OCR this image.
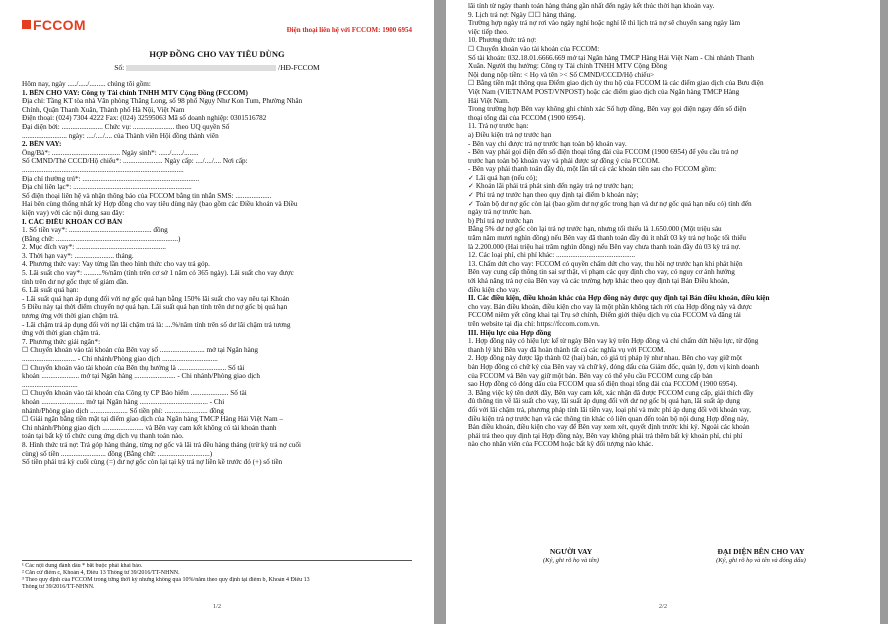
FCCOM	Điện thoại liên hệ với FCCOM: 1900 6954
HỢP ĐỒNG CHO VAY TIÊU DÙNG
Số:	/HĐ-FCCOM
Hôm nay, ngày ...../...../......... chúng tôi gồm:
1. BÊN CHO VAY: Công ty Tài chính TNHH MTV Cộng Đồng (FCCOM)
Địa chỉ: Tầng KT tòa nhà Văn phòng Thăng Long, số 98 phố Ngụy Như Kon Tum, Phường Nhân
Chính, Quận Thanh Xuân, Thành phố Hà Nội, Việt Nam
Điện thoại: (024) 7304 4222 Fax: (024) 32595063 Mã số doanh nghiệp: 0301516782
Đại diện bởi: ....................... Chức vụ: ....................... theo UQ quyền Số
......................... ngày: ..../..../.... của Thành viên Hội đồng thành viên
2. BÊN VAY:
Ông/Bà*: ...................................... Ngày sinh*: ....../....../........
Số CMND/Thẻ CCCD/Hộ chiếu*: ...................... Ngày cấp: ..../..../.... Nơi cấp:
..........................................................................................
Địa chỉ thường trú*: .................................................................
Địa chỉ liên lạc*: ..................................................................
Số điện thoại liên hệ và nhận thông báo của FCCOM bằng tin nhắn SMS: ....................
Hai bên cùng thống nhất ký Hợp đồng cho vay tiêu dùng này (bao gồm các Điều khoản và Điều
kiện vay) với các nội dung sau đây:
I. CÁC ĐIỀU KHOẢN CƠ BẢN
1. Số tiền vay*: .............................................. đồng
(Bằng chữ: ....................................................................)
2. Mục đích vay*: ..................................................
3. Thời hạn vay*: ...................... tháng.
4. Phương thức vay: Vay từng lần theo hình thức cho vay trả góp.
5. Lãi suất cho vay*: ..........%/năm (tính trên cơ sở 1 năm có 365 ngày). Lãi suất cho vay được
tính trên dư nợ gốc thực tế giảm dần.
6. Lãi suất quá hạn:
- Lãi suất quá hạn áp dụng đối với nợ gốc quá hạn bằng 150% lãi suất cho vay nêu tại Khoản
5 Điều này tại thời điểm chuyển nợ quá hạn. Lãi suất quá hạn tính trên dư nợ gốc bị quá hạn
tương ứng với thời gian chậm trả.
- Lãi chậm trả áp dụng đối với nợ lãi chậm trả là: ....%/năm tính trên số dư lãi chậm trả tương
ứng với thời gian chậm trả.
7. Phương thức giải ngân*:
☐ Chuyển khoản vào tài khoản của Bên vay số ......................... mở tại Ngân hàng
.............................. - Chi nhánh/Phòng giao dịch ...............................
☐ Chuyển khoản vào tài khoản của Bên thụ hưởng là ........................... Số tài
khoản ..................... mở tại Ngân hàng ....................... - Chi nhánh/Phòng giao dịch
...............................
☐ Chuyển khoản vào tài khoản của Công ty CP Bảo hiểm ..................... Số tài
khoản ........................ mở tại Ngân hàng ...................................... - Chi
nhánh/Phòng giao dịch ..................... Số tiền phí: ........................ đồng
☐ Giải ngân bằng tiền mặt tại điểm giao dịch của Ngân hàng TMCP Hàng Hải Việt Nam –
Chi nhánh/Phòng giao dịch ....................... và Bên vay cam kết không có tài khoản thanh
toán tại bất kỳ tổ chức cung ứng dịch vụ thanh toán nào.
8. Hình thức trả nợ: Trả góp hàng tháng, từng nợ gốc và lãi trả đều hàng tháng (trừ kỳ trả nợ cuối
cùng) số tiền ......................... đồng (Bằng chữ: .............................)
Số tiền phải trả kỳ cuối cùng (=) dư nợ gốc còn lại tại kỳ trả nợ liền kề trước đó (+) số tiền
¹ Các nội dung đánh dấu * bắt buộc phải khai báo.
² Căn cứ điểm c, Khoản 4, Điều 13 Thông tư 39/2016/TT-NHNN.
³ Theo quy định của FCCOM trong từng thời kỳ nhưng không quá 10%/năm theo quy định tại điểm b, Khoản 4 Điều 13
Thông tư 39/2016/TT-NHNN.
1/2
lãi tính từ ngày thanh toán hàng tháng gần nhất đến ngày kết thúc thời hạn khoản vay.
9. Lịch trả nợ: Ngày ☐☐ hàng tháng.
Trường hợp ngày trả nợ rơi vào ngày nghỉ hoặc nghỉ lễ thì lịch trả nợ sẽ chuyển sang ngày làm
việc tiếp theo.
10. Phương thức trả nợ:
☐ Chuyển khoản vào tài khoản của FCCOM:
Số tài khoản: 032.18.01.6666.669 mở tại Ngân hàng TMCP Hàng Hải Việt Nam - Chi nhánh Thanh
Xuân. Người thụ hưởng: Công ty Tài chính TNHH MTV Cộng Đồng
Nội dung nộp tiền: < Họ và tên >< Số CMND/CCCD/Hộ chiếu>
☐ Bằng tiền mặt thông qua Điểm giao dịch ủy thu hộ của FCCOM là các điểm giao dịch của Bưu điện
Việt Nam (VIETNAM POST/VNPOST) hoặc các điểm giao dịch của Ngân hàng TMCP Hàng
Hải Việt Nam.
Trong trường hợp Bên vay không ghi chính xác Số hợp đồng, Bên vay gọi điện ngay đến số điện
thoại tổng đài của FCCOM (1900 6954).
11. Trả nợ trước hạn:
a) Điều kiện trả nợ trước hạn
- Bên vay chỉ được trả nợ trước hạn toàn bộ khoản vay.
- Bên vay phải gọi điện đến số điện thoại tổng đài của FCCOM (1900 6954) để yêu cầu trả nợ
trước hạn toàn bộ khoản vay và phải được sự đồng ý của FCCOM.
- Bên vay phải thanh toán đầy đủ, một lần tất cả các khoản tiền sau cho FCCOM gồm:
✓ Lãi quá hạn (nếu có);
✓ Khoản lãi phải trả phát sinh đến ngày trả nợ trước hạn;
✓ Phí trả nợ trước hạn theo quy định tại điểm b khoản này;
✓ Toàn bộ dư nợ gốc còn lại (bao gồm dư nợ gốc trong hạn và dư nợ gốc quá hạn nếu có) tính đến
ngày trả nợ trước hạn.
b) Phí trả nợ trước hạn
Bằng 5% dư nợ gốc còn lại trả nợ trước hạn, nhưng tối thiểu là 1.650.000 (Một triệu sáu
trăm năm mươi nghìn đồng) nếu Bên vay đã thanh toán đầy đủ ít nhất 03 kỳ trả nợ hoặc tối thiểu
là 2.200.000 (Hai triệu hai trăm nghìn đồng) nếu Bên vay chưa thanh toán đầy đủ 03 kỳ trả nợ.
12. Các loại phí, chi phí khác: ............................................
13. Chấm dứt cho vay: FCCOM có quyền chấm dứt cho vay, thu hồi nợ trước hạn khi phát hiện
Bên vay cung cấp thông tin sai sự thật, vi phạm các quy định cho vay, có nguy cơ ảnh hưởng
tới khả năng trả nợ của Bên vay và các trường hợp khác theo quy định tại Bản Điều khoản,
điều kiện cho vay.
II. Các điều kiện, điều khoản khác của Hợp đồng này được quy định tại Bản điều khoản, điều kiện
cho vay. Bản điều khoản, điều kiện cho vay là một phần không tách rời của Hợp đồng này và được
FCCOM niêm yết công khai tại Trụ sở chính, Điểm giới thiệu dịch vụ của FCCOM và đăng tải
trên website tại địa chỉ: https://fccom.com.vn.
III. Hiệu lực của Hợp đồng
1. Hợp đồng này có hiệu lực kể từ ngày Bên vay ký trên Hợp đồng và chỉ chấm dứt hiệu lực, từ động
thanh lý khi Bên vay đã hoàn thành tất cả các nghĩa vụ với FCCOM.
2. Hợp đồng này được lập thành 02 (hai) bản, có giá trị pháp lý như nhau. Bên cho vay giữ một
bản Hợp đồng có chữ ký của Bên vay và chữ ký, đóng dấu của Giám đốc, quản lý, đơn vị kinh doanh
của FCCOM và Bên vay giữ một bản. Bên vay có thể yêu cầu FCCOM cung cấp bản
sao Hợp đồng có đóng dấu của FCCOM qua số điện thoại tổng đài của FCCOM (1900 6954).
3. Bằng việc ký tên dưới đây, Bên vay cam kết, xác nhận đã được FCCOM cung cấp, giải thích đầy
đủ thông tin về lãi suất cho vay, lãi suất áp dụng đối với dư nợ gốc bị quá hạn, lãi suất áp dụng
đối với lãi chậm trả, phương pháp tính lãi tiền vay, loại phí và mức phí áp dụng đối với khoản vay,
điều kiện trả nợ trước hạn và các thông tin khác có liên quan đến toàn bộ nội dung Hợp đồng này,
Bản điều khoản, điều kiện cho vay để Bên vay xem xét, quyết định trước khi ký. Ngoài các khoản
phải trả theo quy định tại Hợp đồng này, Bên vay không phải trả thêm bất kỳ khoản phí, chi phí
nào cho nhân viên của FCCOM hoặc bất kỳ đối tượng nào khác.
NGƯỜI VAY
(Ký, ghi rõ họ và tên)
ĐẠI DIỆN BÊN CHO VAY
(Ký, ghi rõ họ và tên và đóng dấu)
2/2
